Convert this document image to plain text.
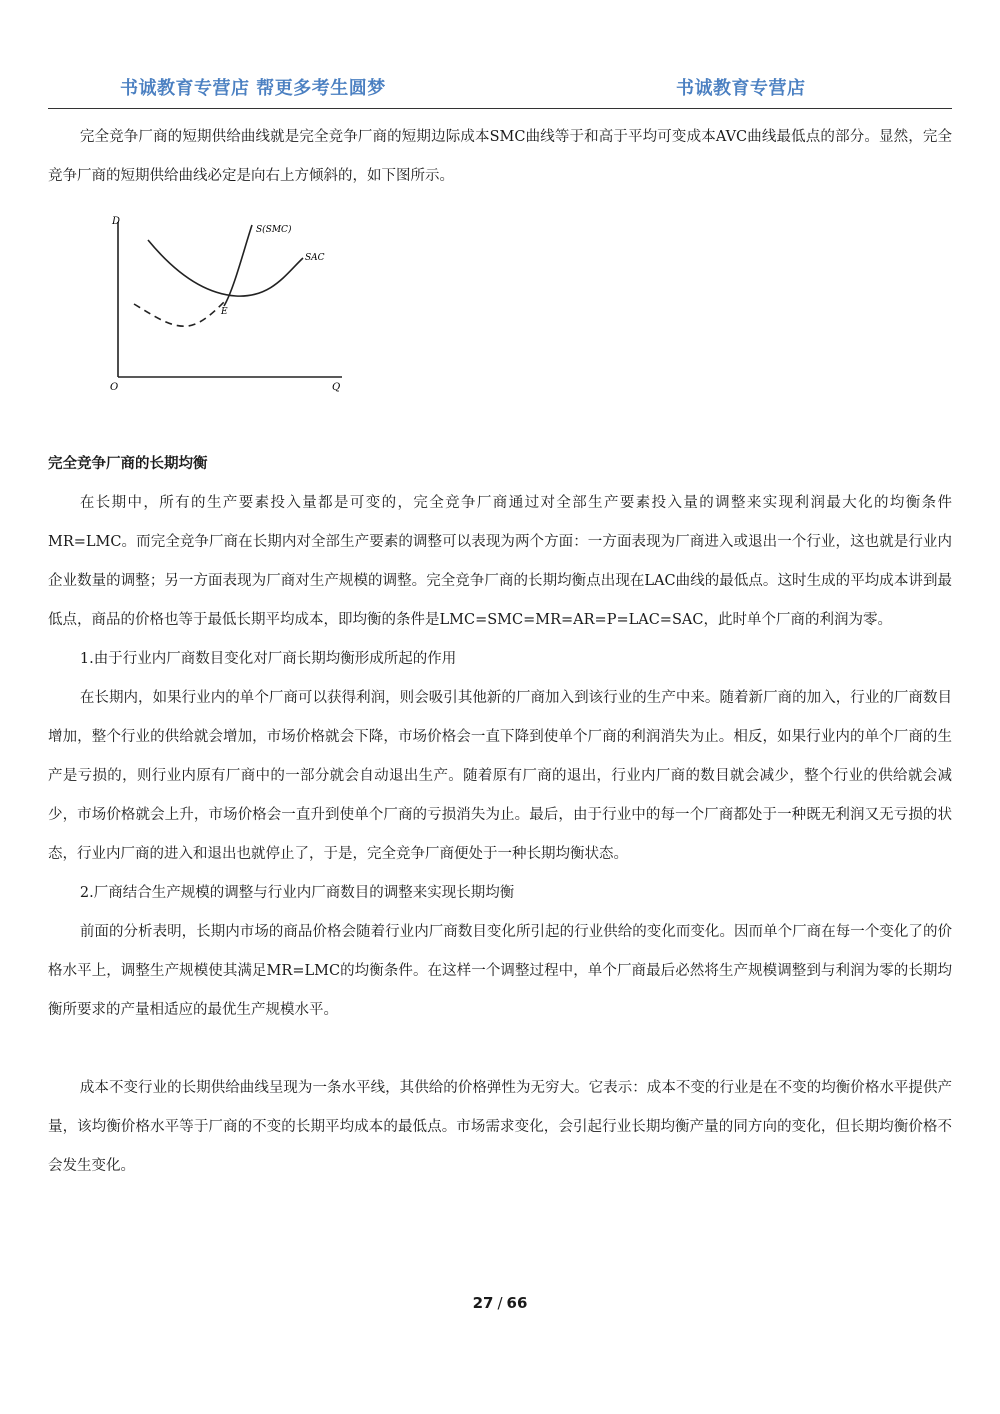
书诚教育专营店 帮更多考生圆梦	书诚教育专营店

完全竞争厂商的短期供给曲线就是完全竞争厂商的短期边际成本SMC曲线等于和高于平均可变成本AVC曲线最低点的部分。显然，完全竞争厂商的短期供给曲线必定是向右上方倾斜的，如下图所示。

D
Q
O
S(SMC)
SAC
E
完全竞争厂商的长期均衡

在长期中，所有的生产要素投入量都是可变的，完全竞争厂商通过对全部生产要素投入量的调整来实现利润最大化的均衡条件MR=LMC。而完全竞争厂商在长期内对全部生产要素的调整可以表现为两个方面：一方面表现为厂商进入或退出一个行业，这也就是行业内企业数量的调整；另一方面表现为厂商对生产规模的调整。完全竞争厂商的长期均衡点出现在LAC曲线的最低点。这时生成的平均成本讲到最低点，商品的价格也等于最低长期平均成本，即均衡的条件是LMC=SMC=MR=AR=P=LAC=SAC，此时单个厂商的利润为零。

1.由于行业内厂商数目变化对厂商长期均衡形成所起的作用

在长期内，如果行业内的单个厂商可以获得利润，则会吸引其他新的厂商加入到该行业的生产中来。随着新厂商的加入，行业的厂商数目增加，整个行业的供给就会增加，市场价格就会下降，市场价格会一直下降到使单个厂商的利润消失为止。相反，如果行业内的单个厂商的生产是亏损的，则行业内原有厂商中的一部分就会自动退出生产。随着原有厂商的退出，行业内厂商的数目就会减少，整个行业的供给就会减少，市场价格就会上升，市场价格会一直升到使单个厂商的亏损消失为止。最后，由于行业中的每一个厂商都处于一种既无利润又无亏损的状态，行业内厂商的进入和退出也就停止了，于是，完全竞争厂商便处于一种长期均衡状态。

2.厂商结合生产规模的调整与行业内厂商数目的调整来实现长期均衡

前面的分析表明，长期内市场的商品价格会随着行业内厂商数目变化所引起的行业供给的变化而变化。因而单个厂商在每一个变化了的价格水平上，调整生产规模使其满足MR=LMC的均衡条件。在这样一个调整过程中，单个厂商最后必然将生产规模调整到与利润为零的长期均衡所要求的产量相适应的最优生产规模水平。

成本不变行业的长期供给曲线呈现为一条水平线，其供给的价格弹性为无穷大。它表示：成本不变的行业是在不变的均衡价格水平提供产量，该均衡价格水平等于厂商的不变的长期平均成本的最低点。市场需求变化，会引起行业长期均衡产量的同方向的变化，但长期均衡价格不会发生变化。

27 / 66
